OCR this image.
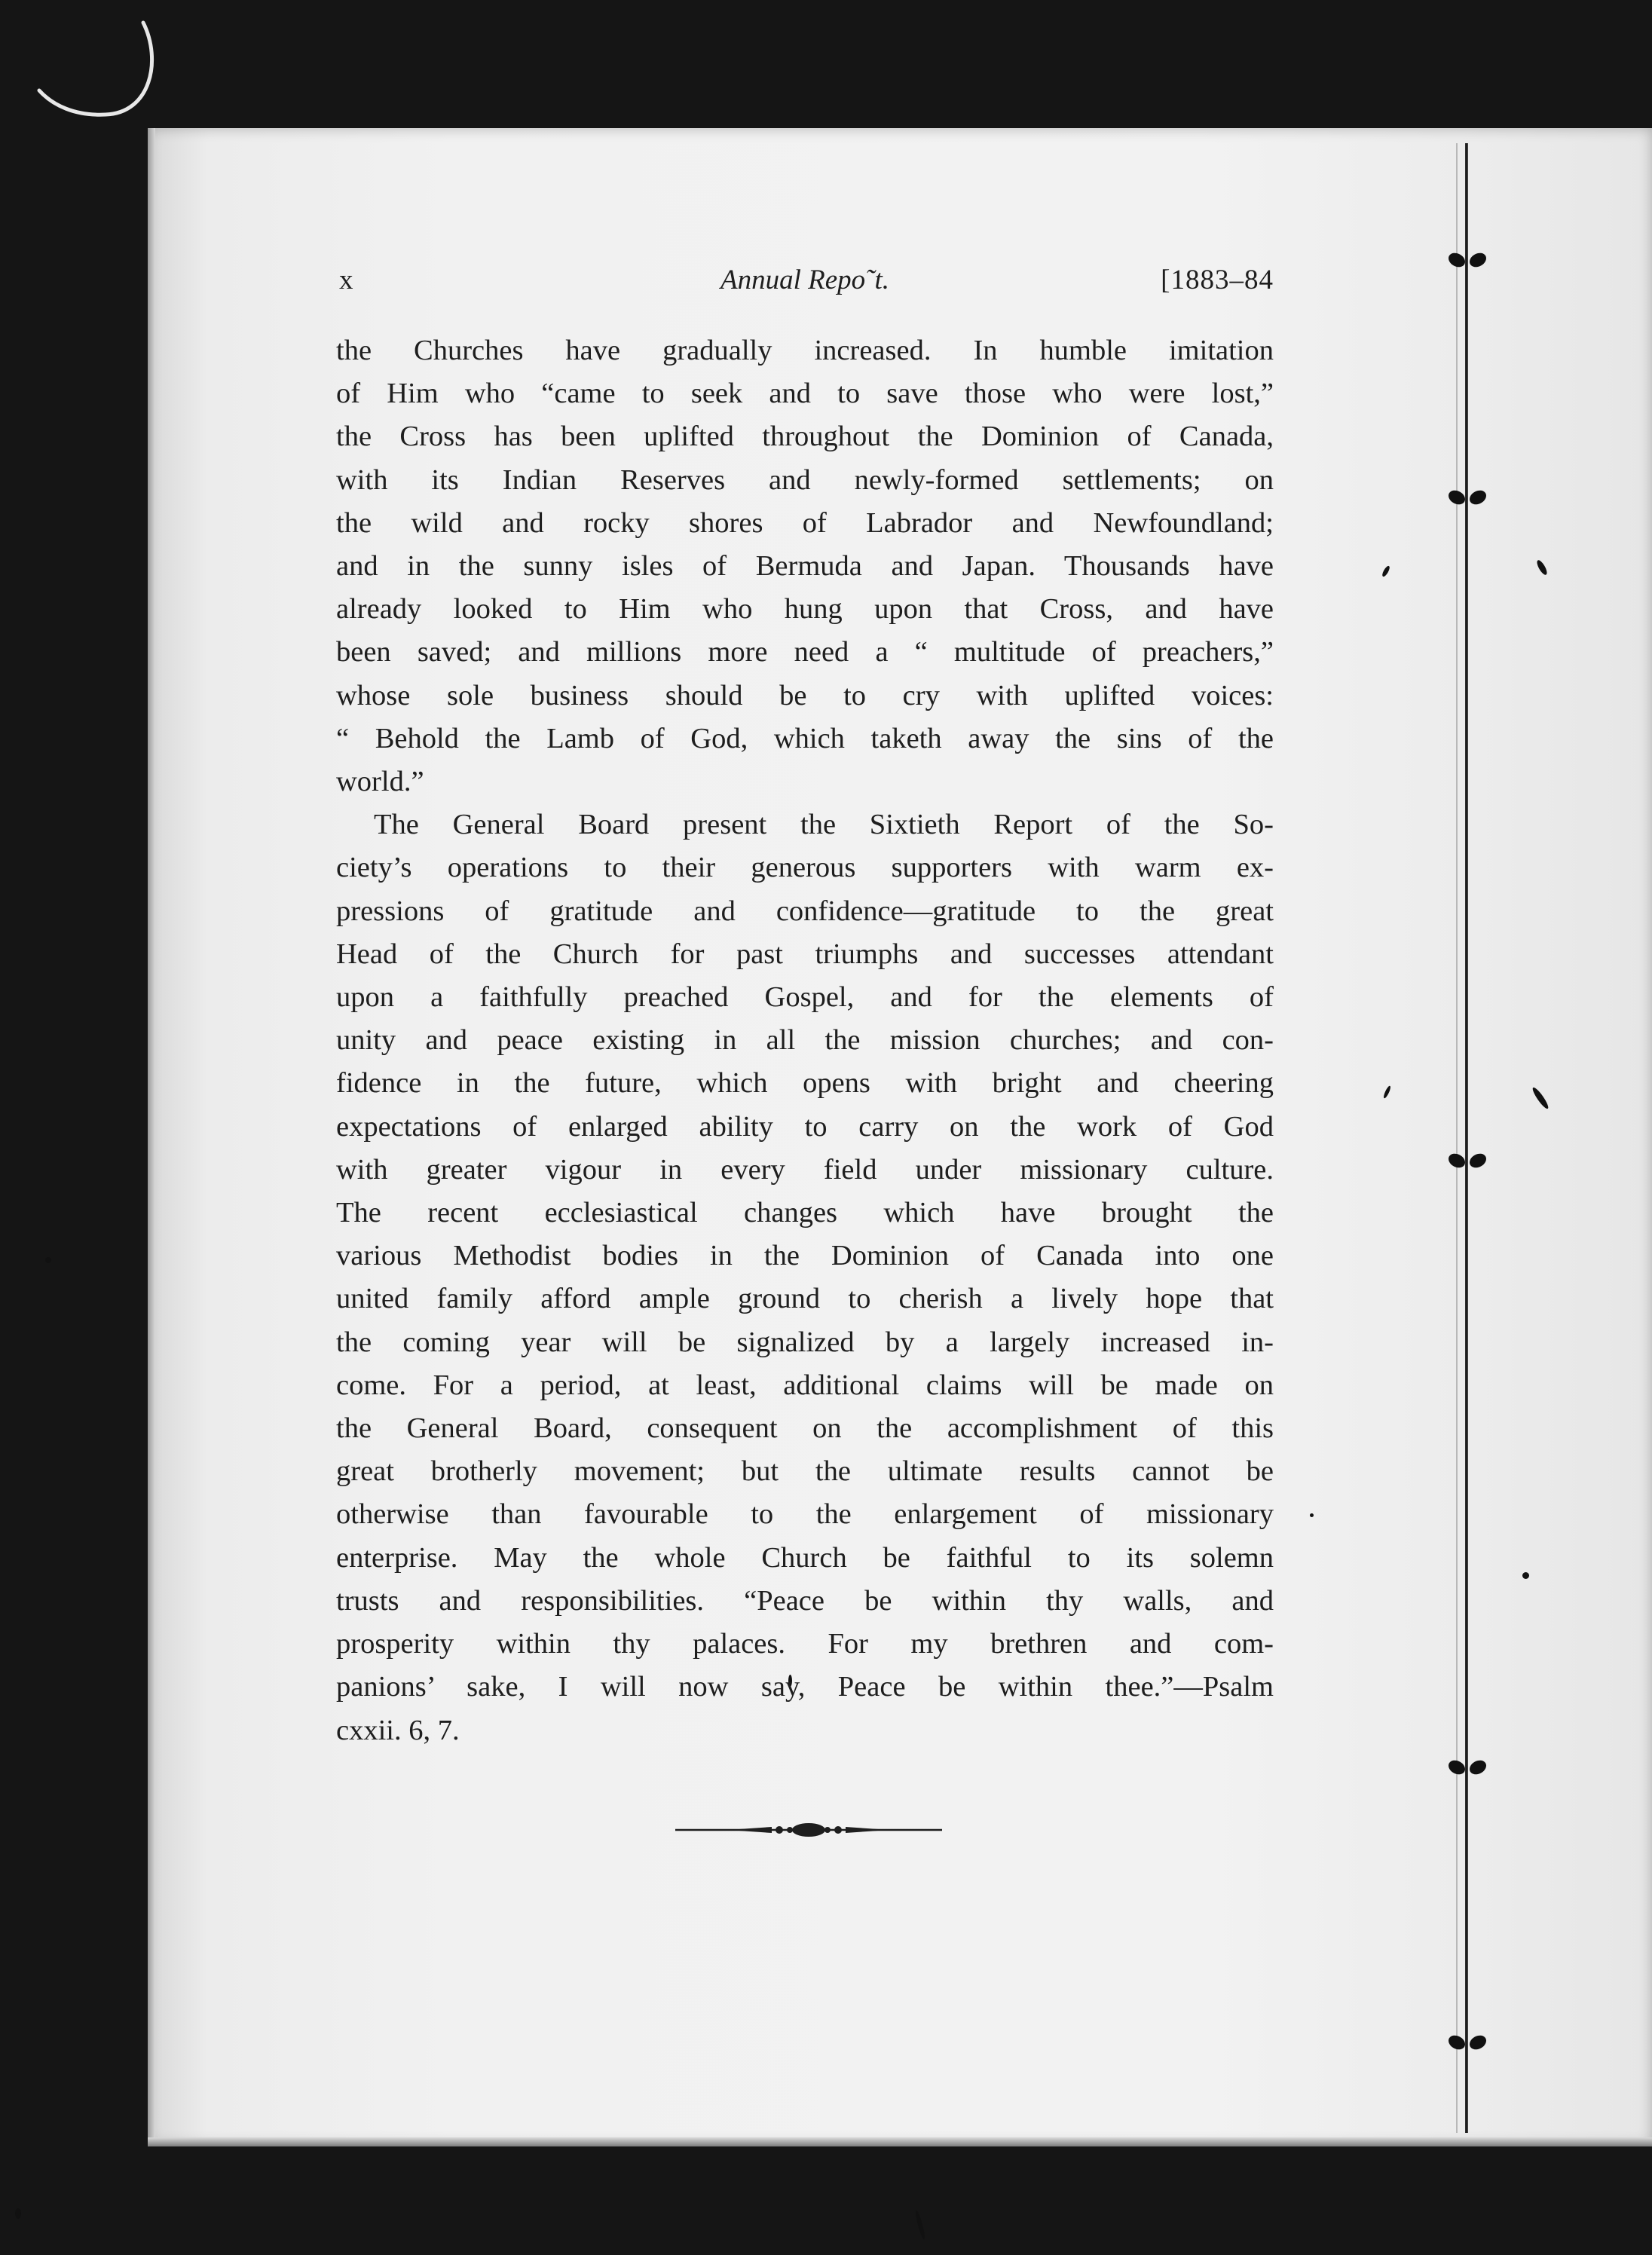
x	Annual Repo˜t.	[1883–84
the Churches have gradually increased. In humble imitation
of Him who “came to seek and to save those who were lost,”
the Cross has been uplifted throughout the Dominion of Canada,
with its Indian Reserves and newly-formed settlements; on
the wild and rocky shores of Labrador and Newfoundland;
and in the sunny isles of Bermuda and Japan. Thousands have
already looked to Him who hung upon that Cross, and have
been saved; and millions more need a “ multitude of preachers,”
whose sole business should be to cry with uplifted voices:
“ Behold the Lamb of God, which taketh away the sins of the
world.”
The General Board present the Sixtieth Report of the So-
ciety’s operations to their generous supporters with warm ex-
pressions of gratitude and confidence—gratitude to the great
Head of the Church for past triumphs and successes attendant
upon a faithfully preached Gospel, and for the elements of
unity and peace existing in all the mission churches; and con-
fidence in the future, which opens with bright and cheering
expectations of enlarged ability to carry on the work of God
with greater vigour in every field under missionary culture.
The recent ecclesiastical changes which have brought the
various Methodist bodies in the Dominion of Canada into one
united family afford ample ground to cherish a lively hope that
the coming year will be signalized by a largely increased in-
come. For a period, at least, additional claims will be made on
the General Board, consequent on the accomplishment of this
great brotherly movement; but the ultimate results cannot be
otherwise than favourable to the enlargement of missionary
enterprise. May the whole Church be faithful to its solemn
trusts and responsibilities. “Peace be within thy walls, and
prosperity within thy palaces. For my brethren and com-
panions’ sake, I will now say, Peace be within thee.”—Psalm
cxxii. 6, 7.
